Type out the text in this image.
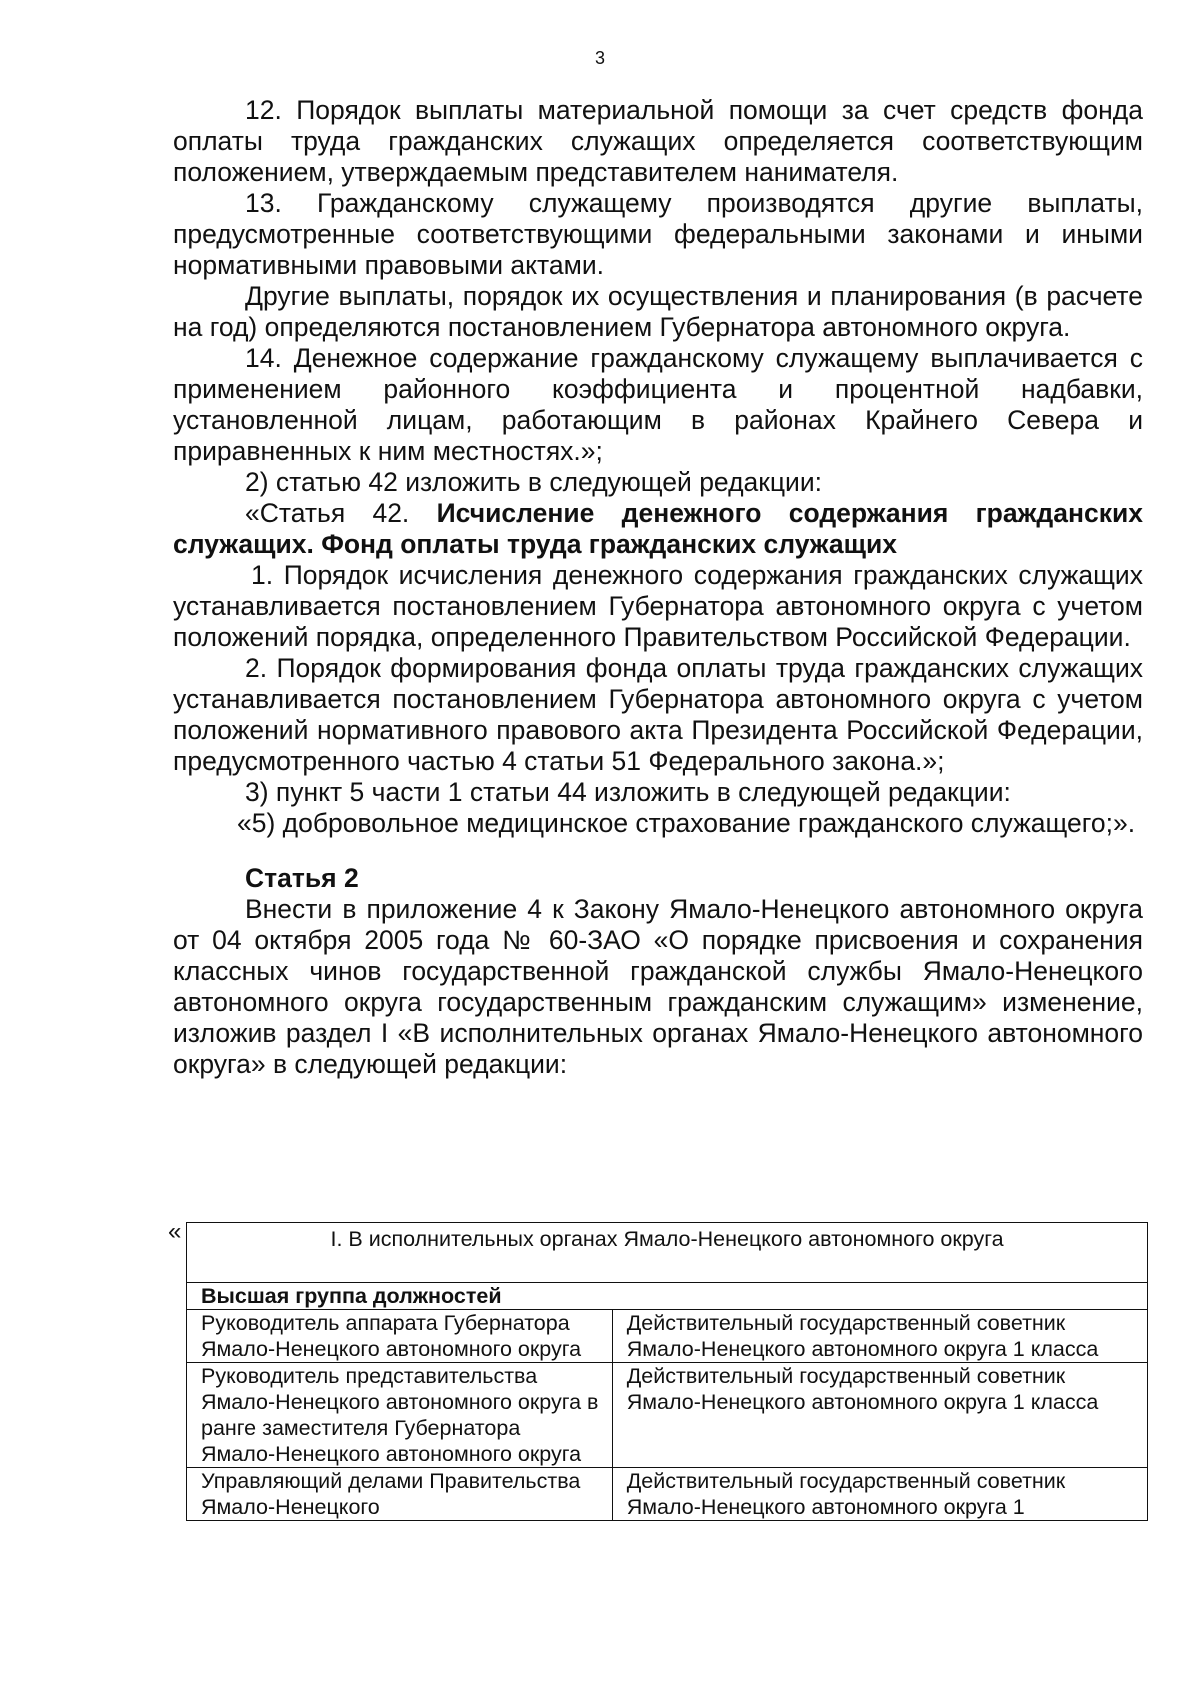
3

12. Порядок выплаты материальной помощи за счет средств фонда оплаты труда гражданских служащих определяется соответствующим положением, утверждаемым представителем нанимателя.

13. Гражданскому служащему производятся другие выплаты, предусмотренные соответствующими федеральными законами и иными нормативными правовыми актами.

Другие выплаты, порядок их осуществления и планирования (в расчете на год) определяются постановлением Губернатора автономного округа.

14. Денежное содержание гражданскому служащему выплачивается с применением районного коэффициента и процентной надбавки, установленной лицам, работающим в районах Крайнего Севера и приравненных к ним местностях.»;

2) статью 42 изложить в следующей редакции:

«Статья 42. Исчисление денежного содержания гражданских служащих. Фонд оплаты труда гражданских служащих

1. Порядок исчисления денежного содержания гражданских служащих устанавливается постановлением Губернатора автономного округа с учетом положений порядка, определенного Правительством Российской Федерации.

2. Порядок формирования фонда оплаты труда гражданских служащих устанавливается постановлением Губернатора автономного округа с учетом положений нормативного правового акта Президента Российской Федерации, предусмотренного частью 4 статьи 51 Федерального закона.»;

3) пункт 5 части 1 статьи 44 изложить в следующей редакции:

«5) добровольное медицинское страхование гражданского служащего;».

Статья 2

Внести в приложение 4 к Закону Ямало-Ненецкого автономного округа от 04 октября 2005 года № 60-ЗАО «О порядке присвоения и сохранения классных чинов государственной гражданской службы Ямало-Ненецкого автономного округа государственным гражданским служащим» изменение, изложив раздел I «В исполнительных органах Ямало-Ненецкого автономного округа» в следующей редакции:

«	I. В исполнительных органах Ямало-Ненецкого автономного округа	
Высшая группа должностей	
Руководитель аппарата Губернатора Ямало-Ненецкого автономного округа	Действительный государственный советник Ямало-Ненецкого автономного округа 1 класса
Руководитель представительства Ямало-Ненецкого автономного округа в ранге заместителя Губернатора Ямало-Ненецкого автономного округа	Действительный государственный советник Ямало-Ненецкого автономного округа 1 класса
Управляющий делами Правительства Ямало-Ненецкого	Действительный государственный советник Ямало-Ненецкого автономного округа 1
